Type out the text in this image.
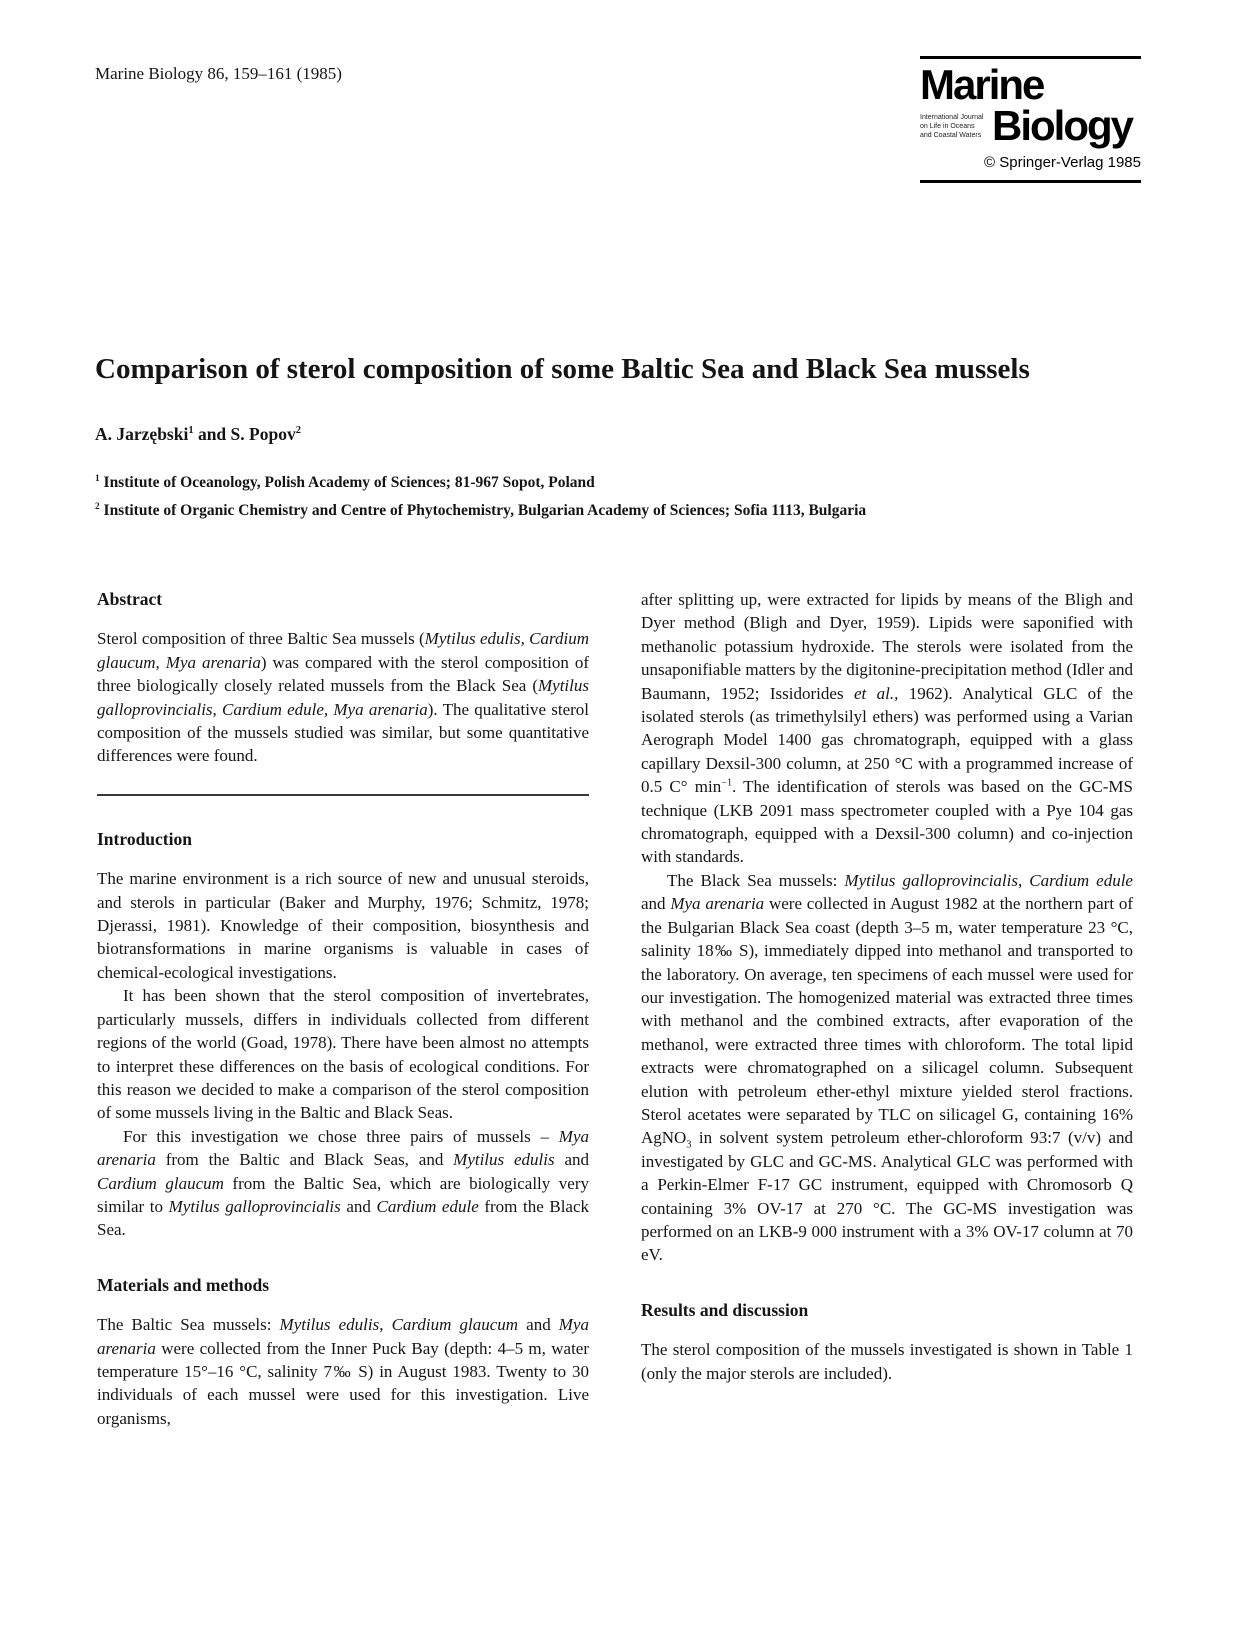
Marine Biology 86, 159–161 (1985)	Marine
International Journal
on Life in Oceans
and Coastal Waters Biology
© Springer-Verlag 1985
Comparison of sterol composition of some Baltic Sea and Black Sea mussels
A. Jarzębski$^1$ and S. Popov$^2$
$^1$ Institute of Oceanology, Polish Academy of Sciences; 81-967 Sopot, Poland
$^2$ Institute of Organic Chemistry and Centre of Phytochemistry, Bulgarian Academy of Sciences; Sofia 1113, Bulgaria
Abstract

Sterol composition of three Baltic Sea mussels (Mytilus edulis, Cardium glaucum, Mya arenaria) was compared with the sterol composition of three biologically closely related mussels from the Black Sea (Mytilus galloprovincialis, Cardium edule, Mya arenaria). The qualitative sterol composition of the mussels studied was similar, but some quantitative differences were found.

Introduction

The marine environment is a rich source of new and unusual steroids, and sterols in particular (Baker and Murphy, 1976; Schmitz, 1978; Djerassi, 1981). Knowledge of their composition, biosynthesis and biotransformations in marine organisms is valuable in cases of chemical-ecological investigations.

It has been shown that the sterol composition of invertebrates, particularly mussels, differs in individuals collected from different regions of the world (Goad, 1978). There have been almost no attempts to interpret these differences on the basis of ecological conditions. For this reason we decided to make a comparison of the sterol composition of some mussels living in the Baltic and Black Seas.

For this investigation we chose three pairs of mussels – Mya arenaria from the Baltic and Black Seas, and Mytilus edulis and Cardium glaucum from the Baltic Sea, which are biologically very similar to Mytilus galloprovincialis and Cardium edule from the Black Sea.

Materials and methods

The Baltic Sea mussels: Mytilus edulis, Cardium glaucum and Mya arenaria were collected from the Inner Puck Bay (depth: 4–5 m, water temperature 15°–16 °C, salinity 7‰ S) in August 1983. Twenty to 30 individuals of each mussel were used for this investigation. Live organisms,

after splitting up, were extracted for lipids by means of the Bligh and Dyer method (Bligh and Dyer, 1959). Lipids were saponified with methanolic potassium hydroxide. The sterols were isolated from the unsaponifiable matters by the digitonine-precipitation method (Idler and Baumann, 1952; Issidorides et al., 1962). Analytical GLC of the isolated sterols (as trimethylsilyl ethers) was performed using a Varian Aerograph Model 1400 gas chromatograph, equipped with a glass capillary Dexsil-300 column, at 250 °C with a programmed increase of 0.5 C° $\min^{-1}$. The identification of sterols was based on the GC-MS technique (LKB 2091 mass spectrometer coupled with a Pye 104 gas chromatograph, equipped with a Dexsil-300 column) and co-injection with standards.

The Black Sea mussels: Mytilus galloprovincialis, Cardium edule and Mya arenaria were collected in August 1982 at the northern part of the Bulgarian Black Sea coast (depth 3–5 m, water temperature 23 °C, salinity 18‰ S), immediately dipped into methanol and transported to the laboratory. On average, ten specimens of each mussel were used for our investigation. The homogenized material was extracted three times with methanol and the combined extracts, after evaporation of the methanol, were extracted three times with chloroform. The total lipid extracts were chromatographed on a silicagel column. Subsequent elution with petroleum ether-ethyl mixture yielded sterol fractions. Sterol acetates were separated by TLC on silicagel G, containing 16% AgNO$_3$ in solvent system petroleum ether-chloroform 93:7 (v/v) and investigated by GLC and GC-MS. Analytical GLC was performed with a Perkin-Elmer F-17 GC instrument, equipped with Chromosorb Q containing 3% OV-17 at 270 °C. The GC-MS investigation was performed on an LKB-9 000 instrument with a 3% OV-17 column at 70 eV.

Results and discussion

The sterol composition of the mussels investigated is shown in Table 1 (only the major sterols are included).
